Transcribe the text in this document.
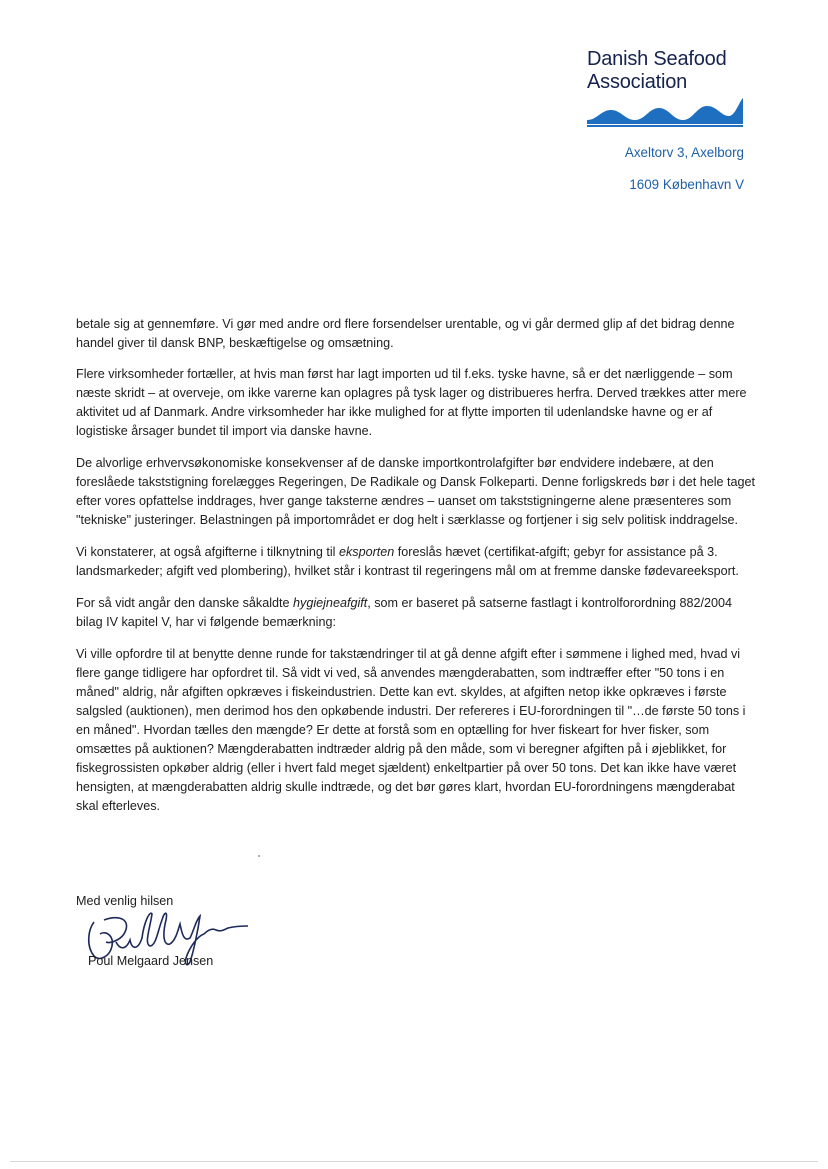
Danish Seafood

Association

Axeltorv 3, Axelborg

1609 København V

betale sig at gennemføre. Vi gør med andre ord flere forsendelser urentable, og vi går dermed glip af det bidrag denne handel giver til dansk BNP, beskæftigelse og omsætning.

Flere virksomheder fortæller, at hvis man først har lagt importen ud til f.eks. tyske havne, så er det nærliggende – som næste skridt – at overveje, om ikke varerne kan oplagres på tysk lager og distribueres herfra. Derved trækkes atter mere aktivitet ud af Danmark. Andre virksomheder har ikke mulighed for at flytte importen til udenlandske havne og er af logistiske årsager bundet til import via danske havne.

De alvorlige erhvervsøkonomiske konsekvenser af de danske importkontrolafgifter bør endvidere indebære, at den foreslåede takststigning forelægges Regeringen, De Radikale og Dansk Folkeparti. Denne forligskreds bør i det hele taget efter vores opfattelse inddrages, hver gange taksterne ændres – uanset om takststigningerne alene præsenteres som "tekniske" justeringer. Belastningen på importområdet er dog helt i særklasse og fortjener i sig selv politisk inddragelse.

Vi konstaterer, at også afgifterne i tilknytning til eksporten foreslås hævet (certifikat-afgift; gebyr for assistance på 3. landsmarkeder; afgift ved plombering), hvilket står i kontrast til regeringens mål om at fremme danske fødevareeksport.

For så vidt angår den danske såkaldte hygiejneafgift, som er baseret på satserne fastlagt i kontrolforordning 882/2004 bilag IV kapitel V, har vi følgende bemærkning:

Vi ville opfordre til at benytte denne runde for takstændringer til at gå denne afgift efter i sømmene i lighed med, hvad vi flere gange tidligere har opfordret til. Så vidt vi ved, så anvendes mængderabatten, som indtræffer efter "50 tons i en måned" aldrig, når afgiften opkræves i fiskeindustrien. Dette kan evt. skyldes, at afgiften netop ikke opkræves i første salgsled (auktionen), men derimod hos den opkøbende industri. Der refereres i EU-forordningen til "…de første 50 tons i en måned". Hvordan tælles den mængde? Er dette at forstå som en optælling for hver fiskeart for hver fisker, som omsættes på auktionen? Mængderabatten indtræder aldrig på den måde, som vi beregner afgiften på i øjeblikket, for fiskegrossisten opkøber aldrig (eller i hvert fald meget sjældent) enkeltpartier på over 50 tons. Det kan ikke have været hensigten, at mængderabatten aldrig skulle indtræde, og det bør gøres klart, hvordan EU-forordningens mængderabat skal efterleves.

Med venlig hilsen

Poul Melgaard Jensen
